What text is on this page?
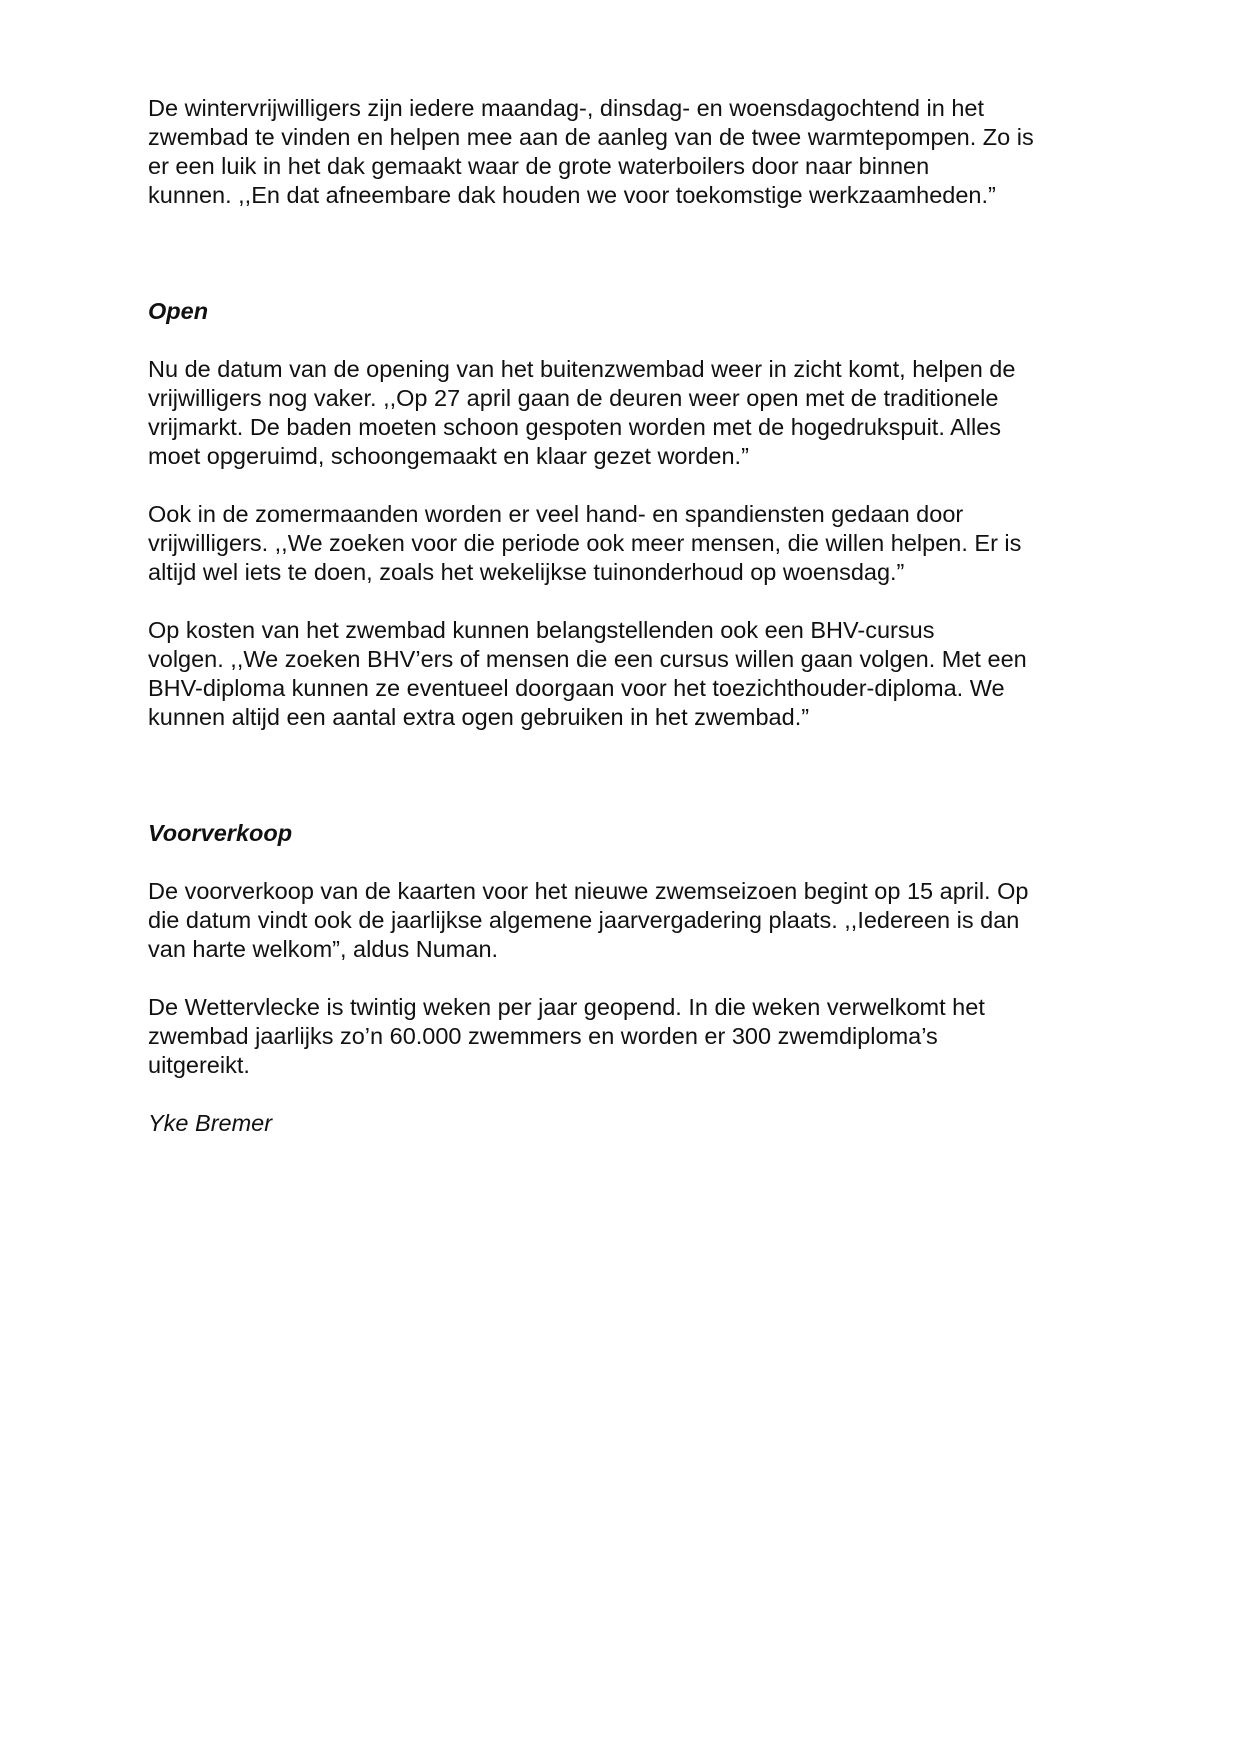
De wintervrijwilligers zijn iedere maandag-, dinsdag- en woensdagochtend in het
zwembad te vinden en helpen mee aan de aanleg van de twee warmtepompen. Zo is
er een luik in het dak gemaakt waar de grote waterboilers door naar binnen
kunnen. ,,En dat afneembare dak houden we voor toekomstige werkzaamheden.”

Open

Nu de datum van de opening van het buitenzwembad weer in zicht komt, helpen de
vrijwilligers nog vaker. ,,Op 27 april gaan de deuren weer open met de traditionele
vrijmarkt. De baden moeten schoon gespoten worden met de hogedrukspuit. Alles
moet opgeruimd, schoongemaakt en klaar gezet worden.”

Ook in de zomermaanden worden er veel hand- en spandiensten gedaan door
vrijwilligers. ,,We zoeken voor die periode ook meer mensen, die willen helpen. Er is
altijd wel iets te doen, zoals het wekelijkse tuinonderhoud op woensdag.”

Op kosten van het zwembad kunnen belangstellenden ook een BHV-cursus
volgen. ,,We zoeken BHV’ers of mensen die een cursus willen gaan volgen. Met een
BHV-diploma kunnen ze eventueel doorgaan voor het toezichthouder-diploma. We
kunnen altijd een aantal extra ogen gebruiken in het zwembad.”

Voorverkoop

De voorverkoop van de kaarten voor het nieuwe zwemseizoen begint op 15 april. Op
die datum vindt ook de jaarlijkse algemene jaarvergadering plaats. ,,Iedereen is dan
van harte welkom”, aldus Numan.

De Wettervlecke is twintig weken per jaar geopend. In die weken verwelkomt het
zwembad jaarlijks zo’n 60.000 zwemmers en worden er 300 zwemdiploma’s
uitgereikt.

Yke Bremer
